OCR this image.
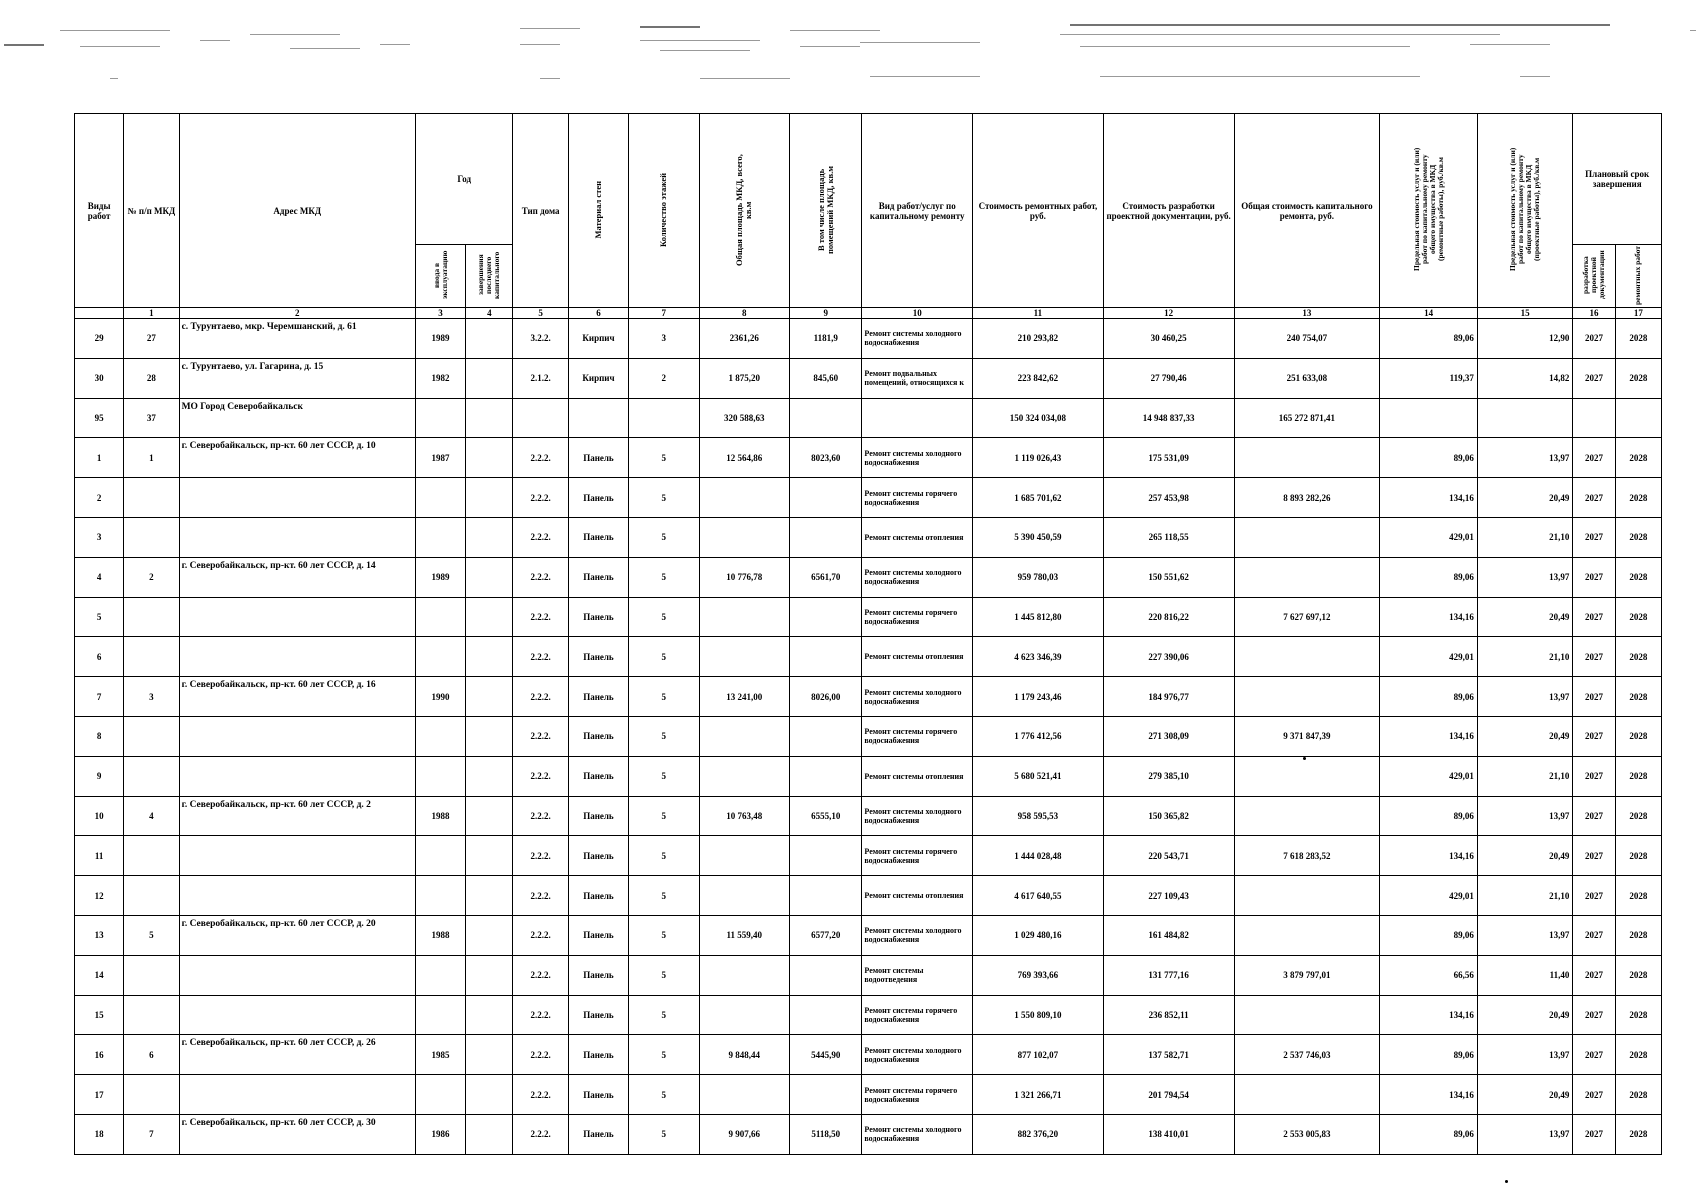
Виды работ	№ п/п МКД	Адрес МКД	Год		Тип дома	Материал стен	Количество этажей	Общая площадь МКД, всего, кв.м	В том числе площадь помещений МКД, кв.м	Вид работ/услуг по капитальному ремонту	Стоимость ремонтных работ, руб.	Стоимость разработки проектной документации, руб.	Общая стоимость капитального ремонта, руб.	Предельная стоимость услуг и (или) работ по капитальному ремонту общего имущества в МКД (ремонтные работы), руб./кв.м	Предельная стоимость услуг и (или) работ по капитальному ремонту общего имущества в МКД (проектные работы), руб./кв.м	Плановый срок завершения	
			ввода в эксплуатацию	завершения последнего капитального												разработка проектной документации	ремонтных работ
	1	2	3	4	5	6	7	8	9	10	11	12	13	14	15	16	17
29	27	с. Турунтаево, мкр. Черемшанский, д. 61	1989		3.2.2.	Кирпич	3	2361,26	1181,9	Ремонт системы холодного водоснабжения	210 293,82	30 460,25	240 754,07	89,06	12,90	2027	2028
30	28	с. Турунтаево, ул. Гагарина, д. 15	1982		2.1.2.	Кирпич	2	1 875,20	845,60	Ремонт подвальных помещений, относящихся к	223 842,62	27 790,46	251 633,08	119,37	14,82	2027	2028
95	37	МО Город Северобайкальск						320 588,63			150 324 034,08	14 948 837,33	165 272 871,41				
1	1	г. Северобайкальск, пр-кт. 60 лет СССР, д. 10	1987		2.2.2.	Панель	5	12 564,86	8023,60	Ремонт системы холодного водоснабжения	1 119 026,43	175 531,09		89,06	13,97	2027	2028
2					2.2.2.	Панель	5			Ремонт системы горячего водоснабжения	1 685 701,62	257 453,98	8 893 282,26	134,16	20,49	2027	2028
3					2.2.2.	Панель	5			Ремонт системы отопления	5 390 450,59	265 118,55		429,01	21,10	2027	2028
4	2	г. Северобайкальск, пр-кт. 60 лет СССР, д. 14	1989		2.2.2.	Панель	5	10 776,78	6561,70	Ремонт системы холодного водоснабжения	959 780,03	150 551,62		89,06	13,97	2027	2028
5					2.2.2.	Панель	5			Ремонт системы горячего водоснабжения	1 445 812,80	220 816,22	7 627 697,12	134,16	20,49	2027	2028
6					2.2.2.	Панель	5			Ремонт системы отопления	4 623 346,39	227 390,06		429,01	21,10	2027	2028
7	3	г. Северобайкальск, пр-кт. 60 лет СССР, д. 16	1990		2.2.2.	Панель	5	13 241,00	8026,00	Ремонт системы холодного водоснабжения	1 179 243,46	184 976,77		89,06	13,97	2027	2028
8					2.2.2.	Панель	5			Ремонт системы горячего водоснабжения	1 776 412,56	271 308,09	9 371 847,39	134,16	20,49	2027	2028
9					2.2.2.	Панель	5			Ремонт системы отопления	5 680 521,41	279 385,10		429,01	21,10	2027	2028
10	4	г. Северобайкальск, пр-кт. 60 лет СССР, д. 2	1988		2.2.2.	Панель	5	10 763,48	6555,10	Ремонт системы холодного водоснабжения	958 595,53	150 365,82		89,06	13,97	2027	2028
11					2.2.2.	Панель	5			Ремонт системы горячего водоснабжения	1 444 028,48	220 543,71	7 618 283,52	134,16	20,49	2027	2028
12					2.2.2.	Панель	5			Ремонт системы отопления	4 617 640,55	227 109,43		429,01	21,10	2027	2028
13	5	г. Северобайкальск, пр-кт. 60 лет СССР, д. 20	1988		2.2.2.	Панель	5	11 559,40	6577,20	Ремонт системы холодного водоснабжения	1 029 480,16	161 484,82		89,06	13,97	2027	2028
14					2.2.2.	Панель	5			Ремонт системы водоотведения	769 393,66	131 777,16	3 879 797,01	66,56	11,40	2027	2028
15					2.2.2.	Панель	5			Ремонт системы горячего водоснабжения	1 550 809,10	236 852,11		134,16	20,49	2027	2028
16	6	г. Северобайкальск, пр-кт. 60 лет СССР, д. 26	1985		2.2.2.	Панель	5	9 848,44	5445,90	Ремонт системы холодного водоснабжения	877 102,07	137 582,71	2 537 746,03	89,06	13,97	2027	2028
17					2.2.2.	Панель	5			Ремонт системы горячего водоснабжения	1 321 266,71	201 794,54		134,16	20,49	2027	2028
18	7	г. Северобайкальск, пр-кт. 60 лет СССР, д. 30	1986		2.2.2.	Панель	5	9 907,66	5118,50	Ремонт системы холодного водоснабжения	882 376,20	138 410,01	2 553 005,83	89,06	13,97	2027	2028
